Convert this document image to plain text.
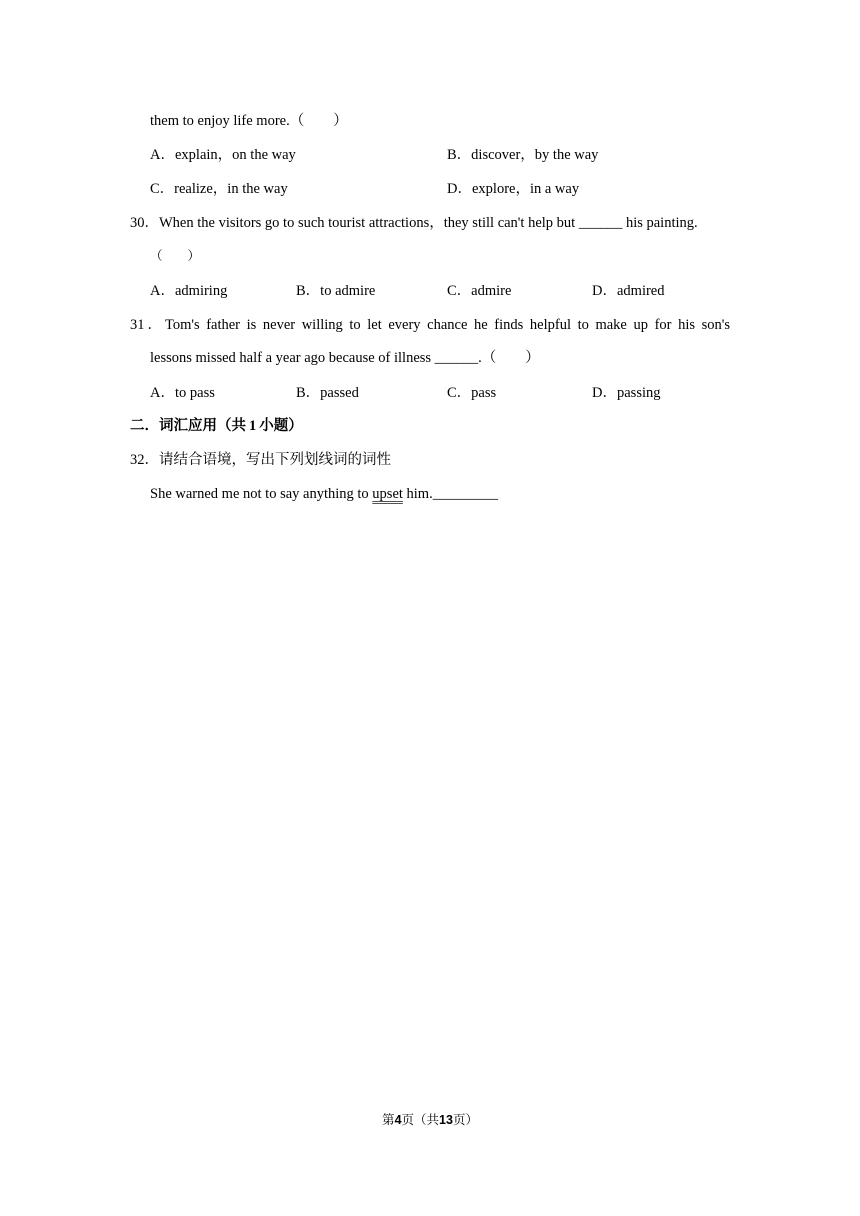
them to enjoy life more.（　　）
A．explain，on the way	B．discover，by the way
C．realize，in the way	D．explore，in a way
30．When the visitors go to such tourist attractions，they still can't help but ______ his painting.
（　　）
A．admiring	B．to admire	C．admire	D．admired
31．Tom's father is never willing to let every chance he finds helpful to make up for his son's
lessons missed half a year ago because of illness ______.（　　）
A．to pass	B．passed	C．pass	D．passing
二．词汇应用（共 1 小题）
32．请结合语境，写出下列划线词的词性
She warned me not to say anything to upset him._________
第4页（共13页）
